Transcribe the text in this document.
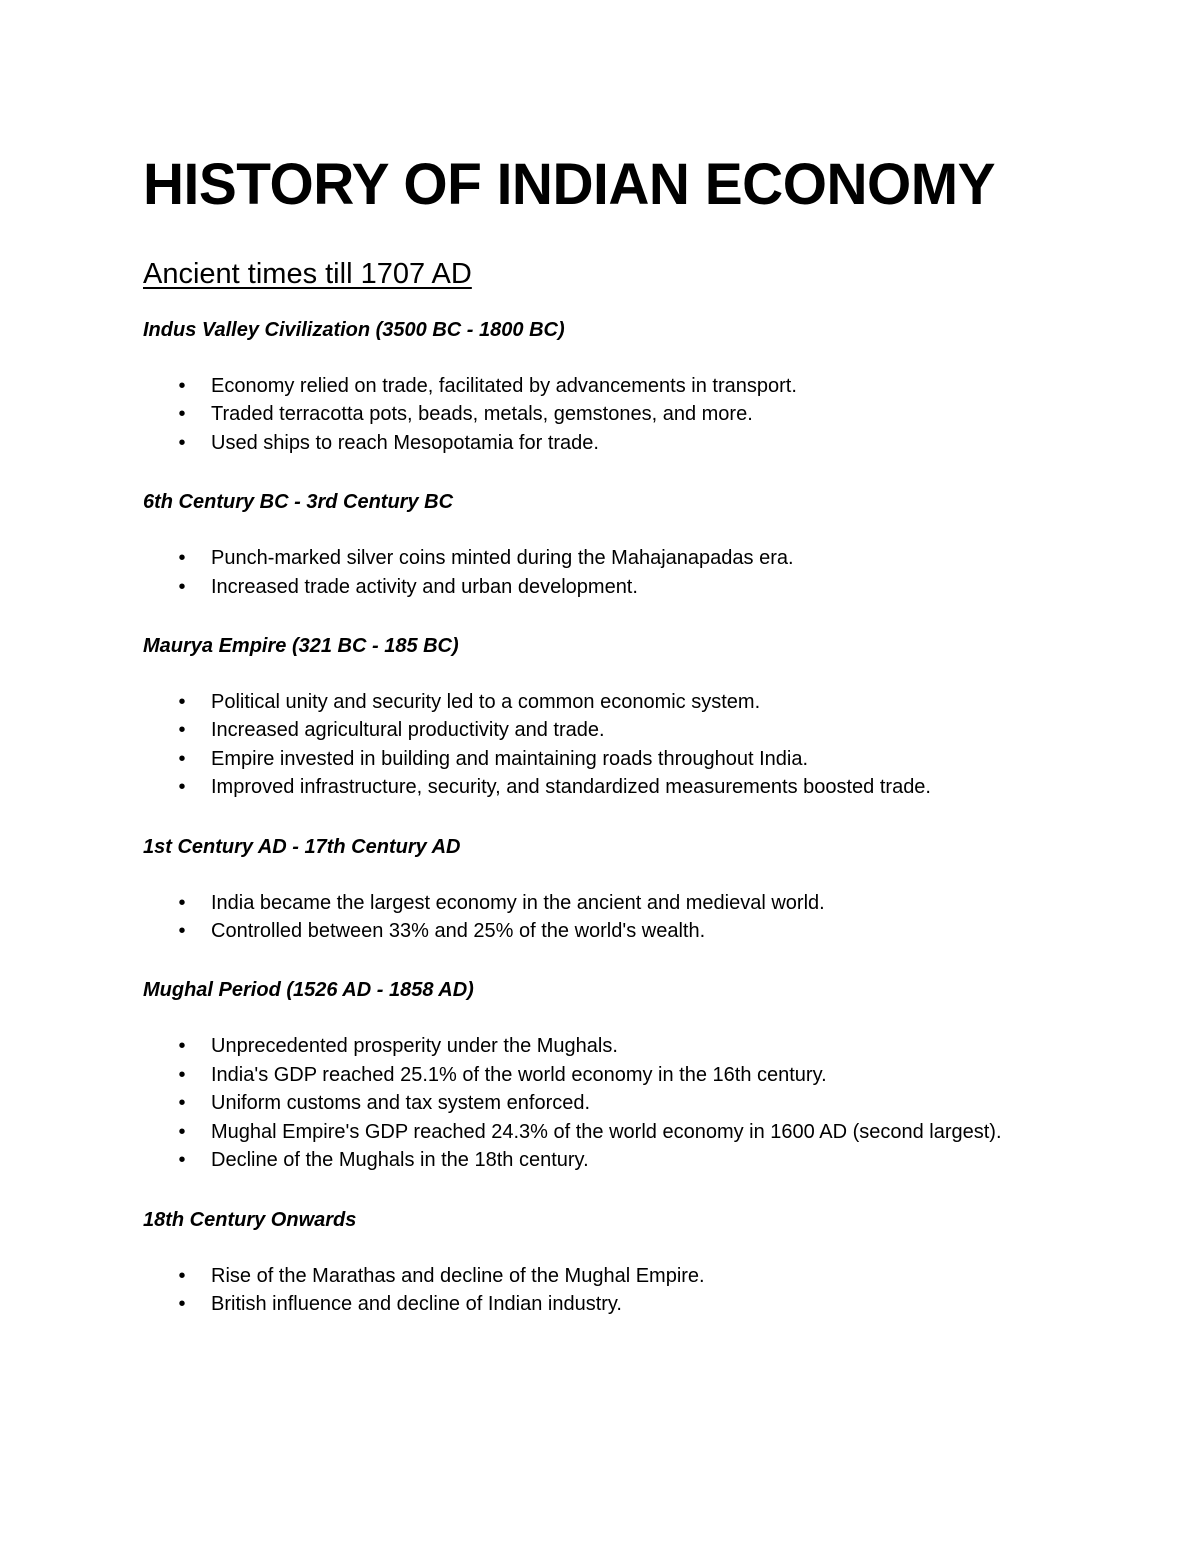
HISTORY OF INDIAN ECONOMY
Ancient times till 1707 AD
Indus Valley Civilization (3500 BC - 1800 BC)
• Economy relied on trade, facilitated by advancements in transport.
• Traded terracotta pots, beads, metals, gemstones, and more.
• Used ships to reach Mesopotamia for trade.
6th Century BC - 3rd Century BC
• Punch-marked silver coins minted during the Mahajanapadas era.
• Increased trade activity and urban development.
Maurya Empire (321 BC - 185 BC)
• Political unity and security led to a common economic system.
• Increased agricultural productivity and trade.
• Empire invested in building and maintaining roads throughout India.
• Improved infrastructure, security, and standardized measurements boosted trade.
1st Century AD - 17th Century AD
• India became the largest economy in the ancient and medieval world.
• Controlled between 33% and 25% of the world's wealth.
Mughal Period (1526 AD - 1858 AD)
• Unprecedented prosperity under the Mughals.
• India's GDP reached 25.1% of the world economy in the 16th century.
• Uniform customs and tax system enforced.
• Mughal Empire's GDP reached 24.3% of the world economy in 1600 AD (second largest).
• Decline of the Mughals in the 18th century.
18th Century Onwards
• Rise of the Marathas and decline of the Mughal Empire.
• British influence and decline of Indian industry.
